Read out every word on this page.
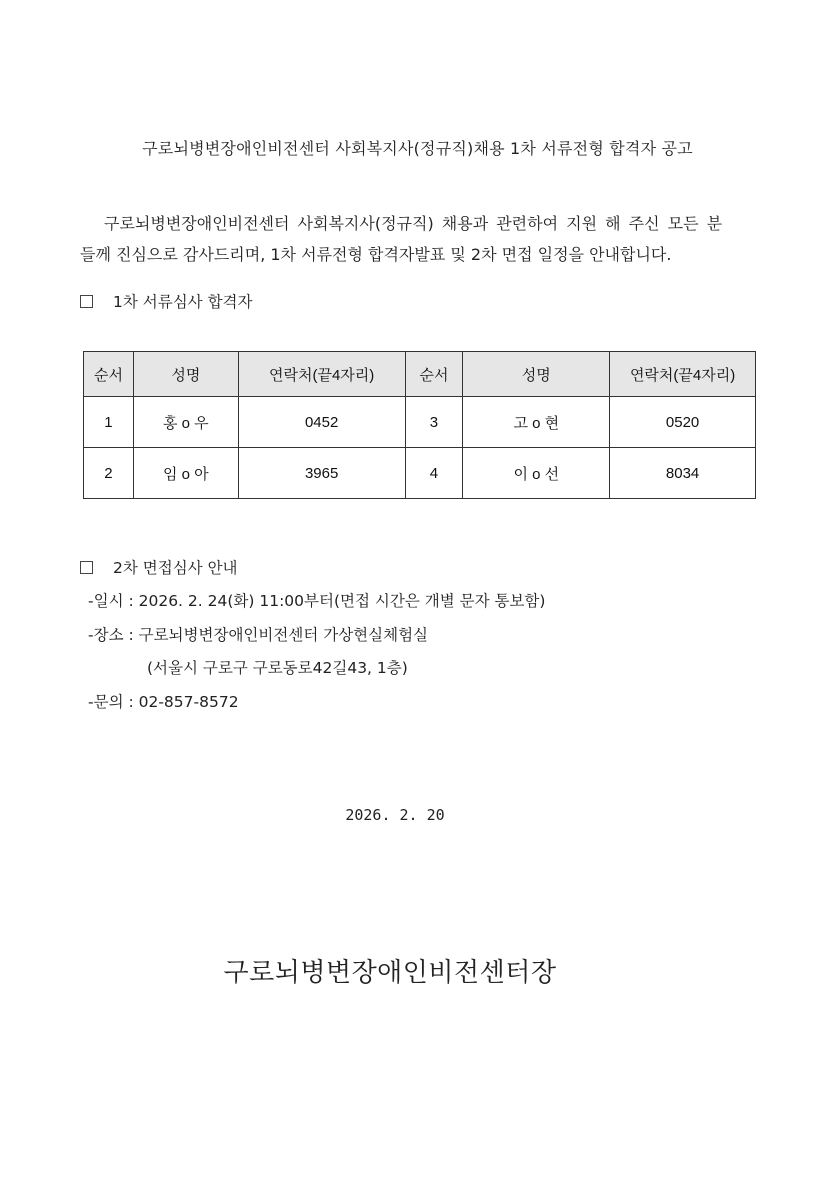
구로뇌병변장애인비전센터 사회복지사(정규직)채용 1차 서류전형 합격자 공고
구로뇌병변장애인비전센터 사회복지사(정규직) 채용과 관련하여 지원 해 주신 모든 분
들께 진심으로 감사드리며, 1차 서류전형 합격자발표 및 2차 면접 일정을 안내합니다.
1차 서류심사 합격자
순서	성명	연락처(끝4자리)	순서	성명	연락처(끝4자리)
1	홍 o 우	0452	3	고 o 현	0520
2	임 o 아	3965	4	이 o 선	8034
2차 면접심사 안내
-일시 : 2026. 2. 24(화) 11:00부터(면접 시간은 개별 문자 통보함)
-장소 : 구로뇌병변장애인비전센터 가상현실체험실
(서울시 구로구 구로동로42길43, 1층)
-문의 : 02-857-8572
2026. 2. 20
구로뇌병변장애인비전센터장
